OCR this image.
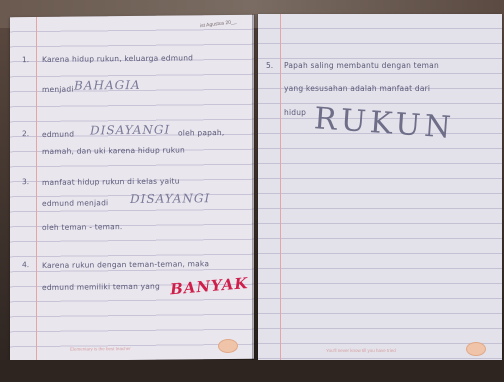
ist Agustus 20__
1. Karena hidup rukun, keluarga edmund
menjadi BAHAGIA
2. edmund DISAYANGI oleh papah,
mamah, dan uki karena hidup rukun
3. manfaat hidup rukun di kelas yaitu
edmund menjadi DISAYANGI
oleh teman - teman.
4. Karena rukun dengan teman-teman, maka
edmund memiliki teman yang BANYAK
Elementary is the best teacher
5. Papah saling membantu dengan teman
yang kesusahan adalah manfaat dari
hidup RUKUN
You'll never know till you have tried
